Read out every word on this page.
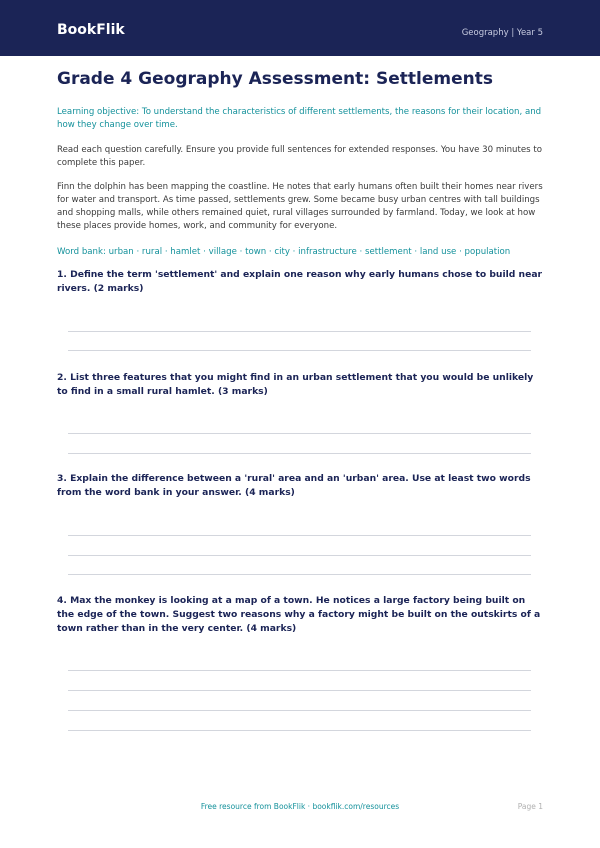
BookFlik	Geography | Year 5
Grade 4 Geography Assessment: Settlements

Learning objective: To understand the characteristics of different settlements, the reasons for their location, and how they change over time.

Read each question carefully. Ensure you provide full sentences for extended responses. You have 30 minutes to complete this paper.

Finn the dolphin has been mapping the coastline. He notes that early humans often built their homes near rivers for water and transport. As time passed, settlements grew. Some became busy urban centres with tall buildings and shopping malls, while others remained quiet, rural villages surrounded by farmland. Today, we look at how these places provide homes, work, and community for everyone.

Word bank: urban · rural · hamlet · village · town · city · infrastructure · settlement · land use · population

1. Define the term 'settlement' and explain one reason why early humans chose to build near rivers. (2 marks)

2. List three features that you might find in an urban settlement that you would be unlikely to find in a small rural hamlet. (3 marks)

3. Explain the difference between a 'rural' area and an 'urban' area. Use at least two words from the word bank in your answer. (4 marks)

4. Max the monkey is looking at a map of a town. He notices a large factory being built on the edge of the town. Suggest two reasons why a factory might be built on the outskirts of a town rather than in the very center. (4 marks)

Free resource from BookFlik · bookflik.com/resources	Page 1
